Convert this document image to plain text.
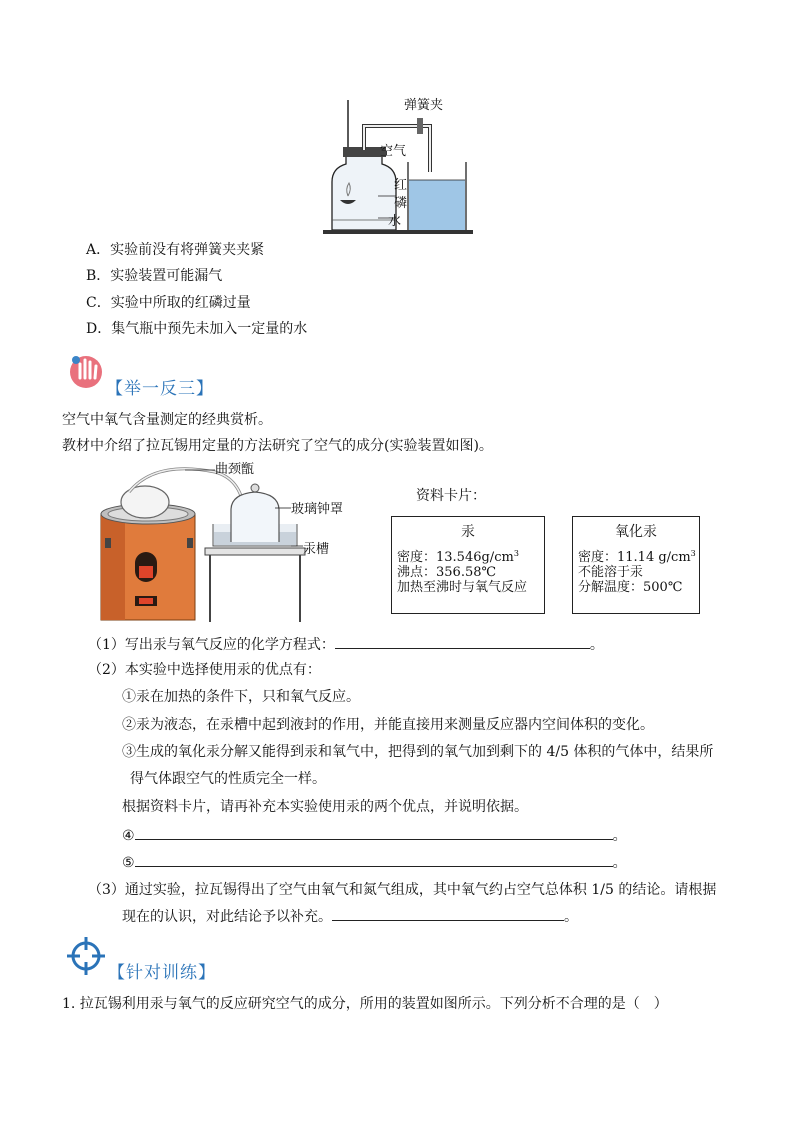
弹簧夹
空气
红
磷
水
A．实验前没有将弹簧夹夹紧
B．实验装置可能漏气
C．实验中所取的红磷过量
D．集气瓶中预先未加入一定量的水
【举一反三】
空气中氧气含量测定的经典赏析。
教材中介绍了拉瓦锡用定量的方法研究了空气的成分(实验装置如图)。
曲颈甑
玻璃钟罩
汞槽
资料卡片：
汞
密度：$13.546g/cm^3$
沸点：356.58℃
加热至沸时与氧气反应
氧化汞
密度：11.14 $g/cm^3$
不能溶于汞
分解温度：500℃
（1）写出汞与氧气反应的化学方程式：	。
（2）本实验中选择使用汞的优点有：
①汞在加热的条件下，只和氧气反应。
②汞为液态，在汞槽中起到液封的作用，并能直接用来测量反应器内空间体积的变化。
③生成的氧化汞分解又能得到汞和氧气中，把得到的氧气加到剩下的 4/5 体积的气体中，结果所
得气体跟空气的性质完全一样。
根据资料卡片，请再补充本实验使用汞的两个优点，并说明依据。
④	。
⑤	。
（3）通过实验，拉瓦锡得出了空气由氧气和氮气组成，其中氧气约占空气总体积 1/5 的结论。请根据
现在的认识，对此结论予以补充。	。
【针对训练】
1. 拉瓦锡利用汞与氧气的反应研究空气的成分，所用的装置如图所示。下列分析不合理的是（　）
